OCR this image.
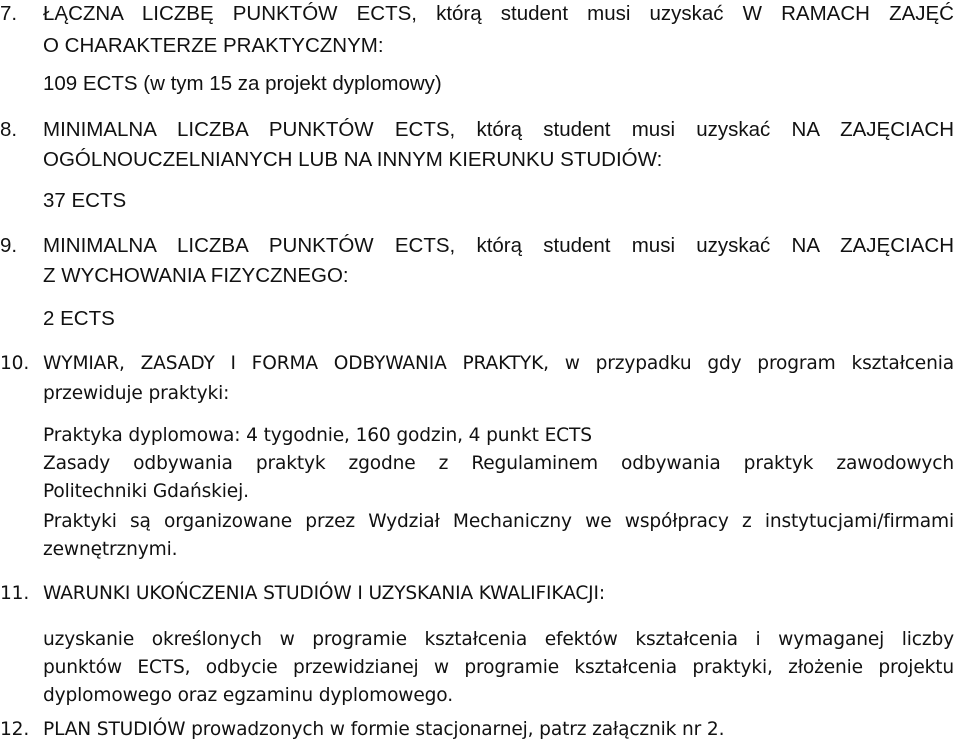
7. ŁĄCZNA LICZBĘ PUNKTÓW ECTS, którą student musi uzyskać W RAMACH ZAJĘĆ
O CHARAKTERZE PRAKTYCZNYM:
109 ECTS (w tym 15 za projekt dyplomowy)
8. MINIMALNA LICZBA PUNKTÓW ECTS, którą student musi uzyskać NA ZAJĘCIACH
OGÓLNOUCZELNIANYCH LUB NA INNYM KIERUNKU STUDIÓW:
37 ECTS
9. MINIMALNA LICZBA PUNKTÓW ECTS, którą student musi uzyskać NA ZAJĘCIACH
Z WYCHOWANIA FIZYCZNEGO:
2 ECTS
10. WYMIAR, ZASADY I FORMA ODBYWANIA PRAKTYK, w przypadku gdy program kształcenia
przewiduje praktyki:
Praktyka dyplomowa: 4 tygodnie, 160 godzin, 4 punkt ECTS
Zasady odbywania praktyk zgodne z Regulaminem odbywania praktyk zawodowych
Politechniki Gdańskiej.
Praktyki są organizowane przez Wydział Mechaniczny we współpracy z instytucjami/firmami
zewnętrznymi.
11. WARUNKI UKOŃCZENIA STUDIÓW I UZYSKANIA KWALIFIKACJI:
uzyskanie określonych w programie kształcenia efektów kształcenia i wymaganej liczby
punktów ECTS, odbycie przewidzianej w programie kształcenia praktyki, złożenie projektu
dyplomowego oraz egzaminu dyplomowego.
12. PLAN STUDIÓW prowadzonych w formie stacjonarnej, patrz załącznik nr 2.
